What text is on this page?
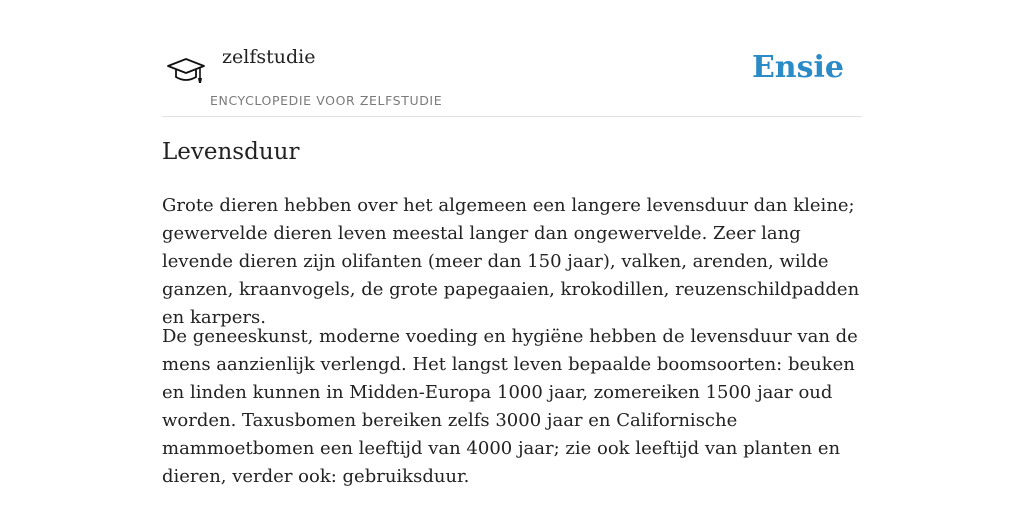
zelfstudie
ENCYCLOPEDIE VOOR ZELFSTUDIE
Ensie
Levensduur

Grote dieren hebben over het algemeen een langere levensduur dan kleine; gewervelde dieren leven meestal langer dan ongewervelde. Zeer lang levende dieren zijn olifanten (meer dan 150 jaar), valken, arenden, wilde ganzen, kraanvogels, de grote papegaaien, krokodillen, reuzenschildpadden en karpers.

De geneeskunst, moderne voeding en hygiëne hebben de levensduur van de mens aanzienlijk verlengd. Het langst leven bepaalde boomsoorten: beuken en linden kunnen in Midden-Europa 1000 jaar, zomereiken 1500 jaar oud worden. Taxusbomen bereiken zelfs 3000 jaar en Californische mammoetbomen een leeftijd van 4000 jaar; zie ook leeftijd van planten en dieren, verder ook: gebruiksduur.
